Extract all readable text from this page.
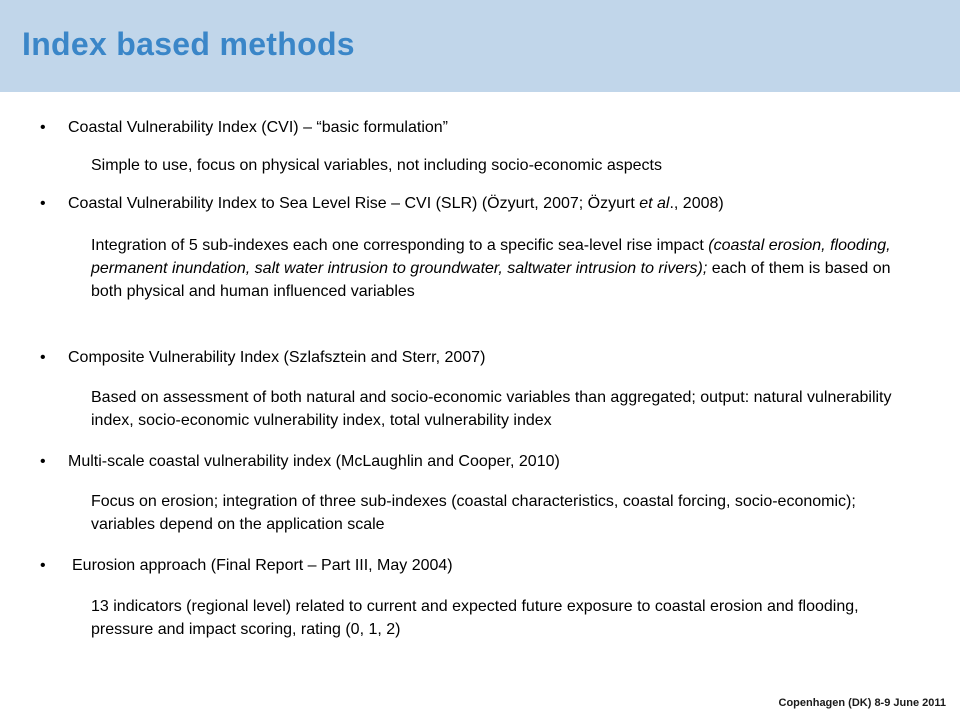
Index based methods
• Coastal Vulnerability Index (CVI) – “basic formulation”
Simple to use, focus on physical variables, not including socio-economic aspects
• Coastal Vulnerability Index to Sea Level Rise – CVI (SLR) (Özyurt, 2007; Özyurt et al., 2008)
Integration of 5 sub-indexes each one corresponding to a specific sea-level rise impact (coastal erosion, flooding, permanent inundation, salt water intrusion to groundwater, saltwater intrusion to rivers); each of them is based on both physical and human influenced variables
• Composite Vulnerability Index (Szlafsztein and Sterr, 2007)
Based on assessment of both natural and socio-economic variables than aggregated; output: natural vulnerability index, socio-economic vulnerability index, total vulnerability index
• Multi-scale coastal vulnerability index (McLaughlin and Cooper, 2010)
Focus on erosion; integration of three sub-indexes (coastal characteristics, coastal forcing, socio-economic); variables depend on the application scale
• Eurosion approach (Final Report – Part III, May 2004)
13 indicators (regional level) related to current and expected future exposure to coastal erosion and flooding, pressure and impact scoring, rating (0, 1, 2)
Copenhagen (DK) 8-9 June 2011
